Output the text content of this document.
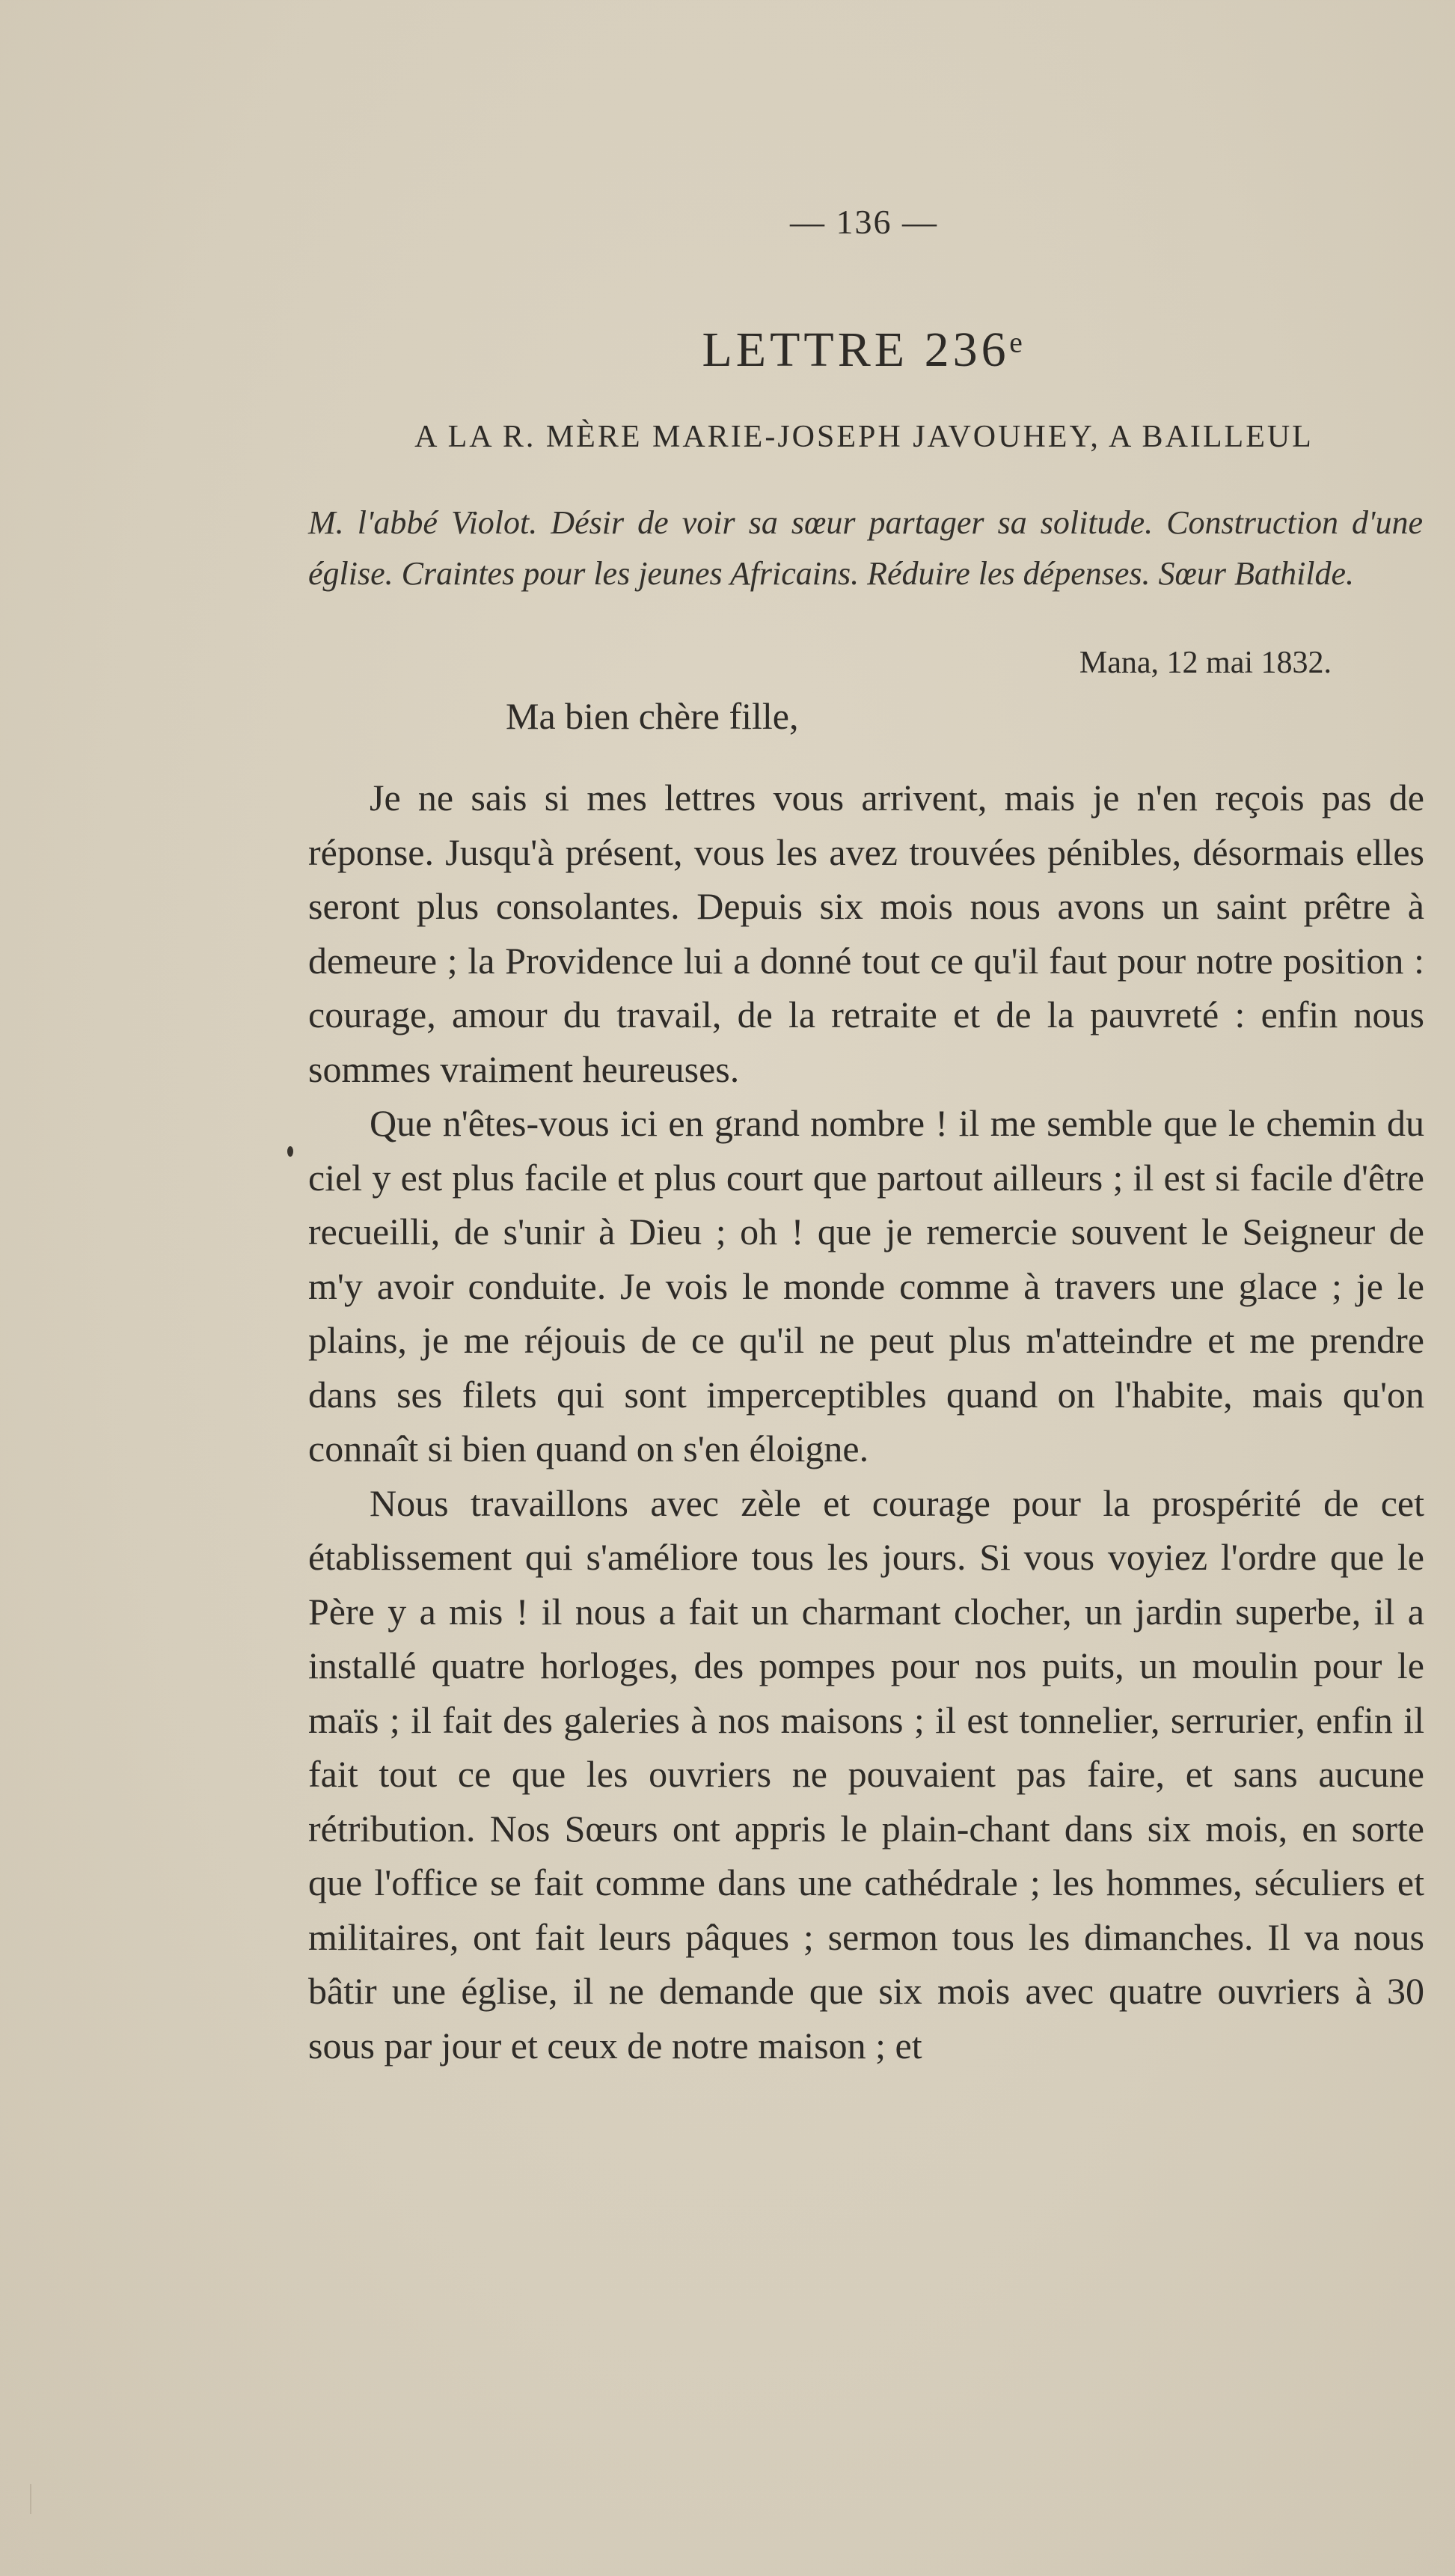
— 136 —
LETTRE 236ᵉ
A LA R. MÈRE MARIE-JOSEPH JAVOUHEY, A BAILLEUL
M. l'abbé Violot. Désir de voir sa sœur partager sa solitude. Construction d'une église. Craintes pour les jeunes Africains. Réduire les dépenses. Sœur Bathilde.
Mana, 12 mai 1832.
Ma bien chère fille,

Je ne sais si mes lettres vous arrivent, mais je n'en reçois pas de réponse. Jusqu'à présent, vous les avez trouvées pénibles, désormais elles seront plus consolantes. Depuis six mois nous avons un saint prêtre à demeure ; la Providence lui a donné tout ce qu'il faut pour notre position : courage, amour du travail, de la retraite et de la pauvreté : enfin nous sommes vraiment heureuses.

Que n'êtes-vous ici en grand nombre ! il me semble que le chemin du ciel y est plus facile et plus court que partout ailleurs ; il est si facile d'être recueilli, de s'unir à Dieu ; oh ! que je remercie souvent le Seigneur de m'y avoir conduite. Je vois le monde comme à travers une glace ; je le plains, je me réjouis de ce qu'il ne peut plus m'atteindre et me prendre dans ses filets qui sont imperceptibles quand on l'habite, mais qu'on connaît si bien quand on s'en éloigne.

Nous travaillons avec zèle et courage pour la prospérité de cet établissement qui s'améliore tous les jours. Si vous voyiez l'ordre que le Père y a mis ! il nous a fait un charmant clocher, un jardin superbe, il a installé quatre horloges, des pompes pour nos puits, un moulin pour le maïs ; il fait des galeries à nos maisons ; il est tonnelier, serrurier, enfin il fait tout ce que les ouvriers ne pouvaient pas faire, et sans aucune rétribution. Nos Sœurs ont appris le plain-chant dans six mois, en sorte que l'office se fait comme dans une cathédrale ; les hommes, séculiers et militaires, ont fait leurs pâques ; sermon tous les dimanches. Il va nous bâtir une église, il ne demande que six mois avec quatre ouvriers à 30 sous par jour et ceux de notre maison ; et
